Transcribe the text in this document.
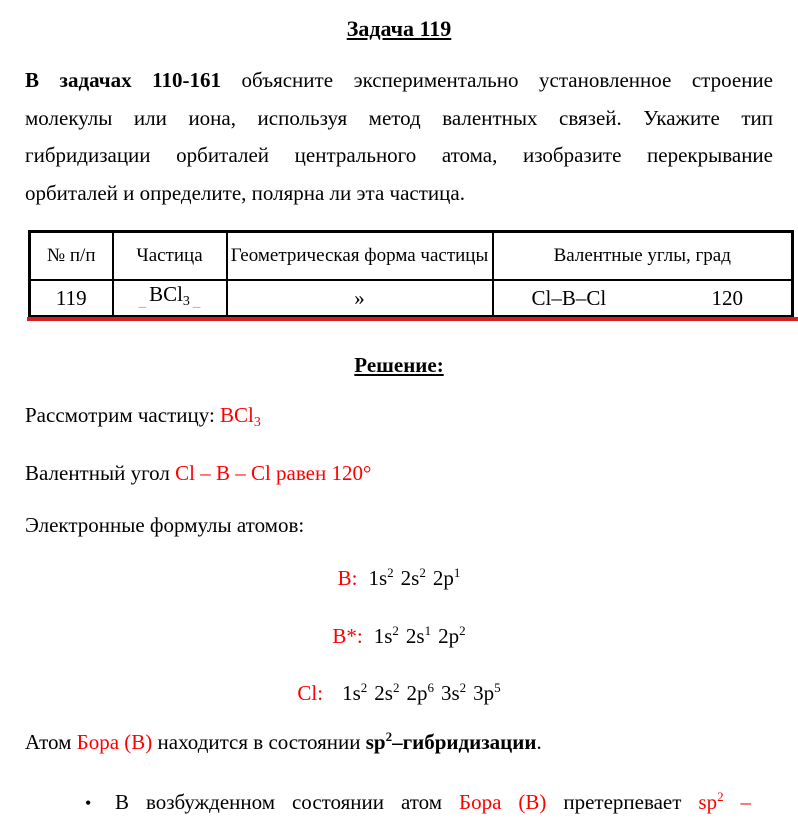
Задача 119
В задачах 110-161 объясните экспериментально установленное строение
молекулы или иона, используя метод валентных связей. Укажите тип
гибридизации орбиталей центрального атома, изобразите перекрывание
орбиталей и определите, полярна ли эта частица.
№ п/п	Частица	Геометрическая форма частицы	Валентные углы, град
119	$_{\_}$ BCl$_3$ $_{\_}$	»	Cl–B–Cl 120
Решение:
Рассмотрим частицу: BCl$_3$
Валентный угол Cl – B – Cl равен 120°
Электронные формулы атомов:
B: $1s^2$ $2s^2$ $2p^1$
B*: $1s^2$ $2s^1$ $2p^2$
Cl: $1s^2$ $2s^2$ $2p^6$ $3s^2$ $3p^5$
Атом Бора (B) находится в состоянии $sp^2$–гибридизации.
• В возбужденном состоянии атом Бора (B) претерпевает $sp^2$ –
